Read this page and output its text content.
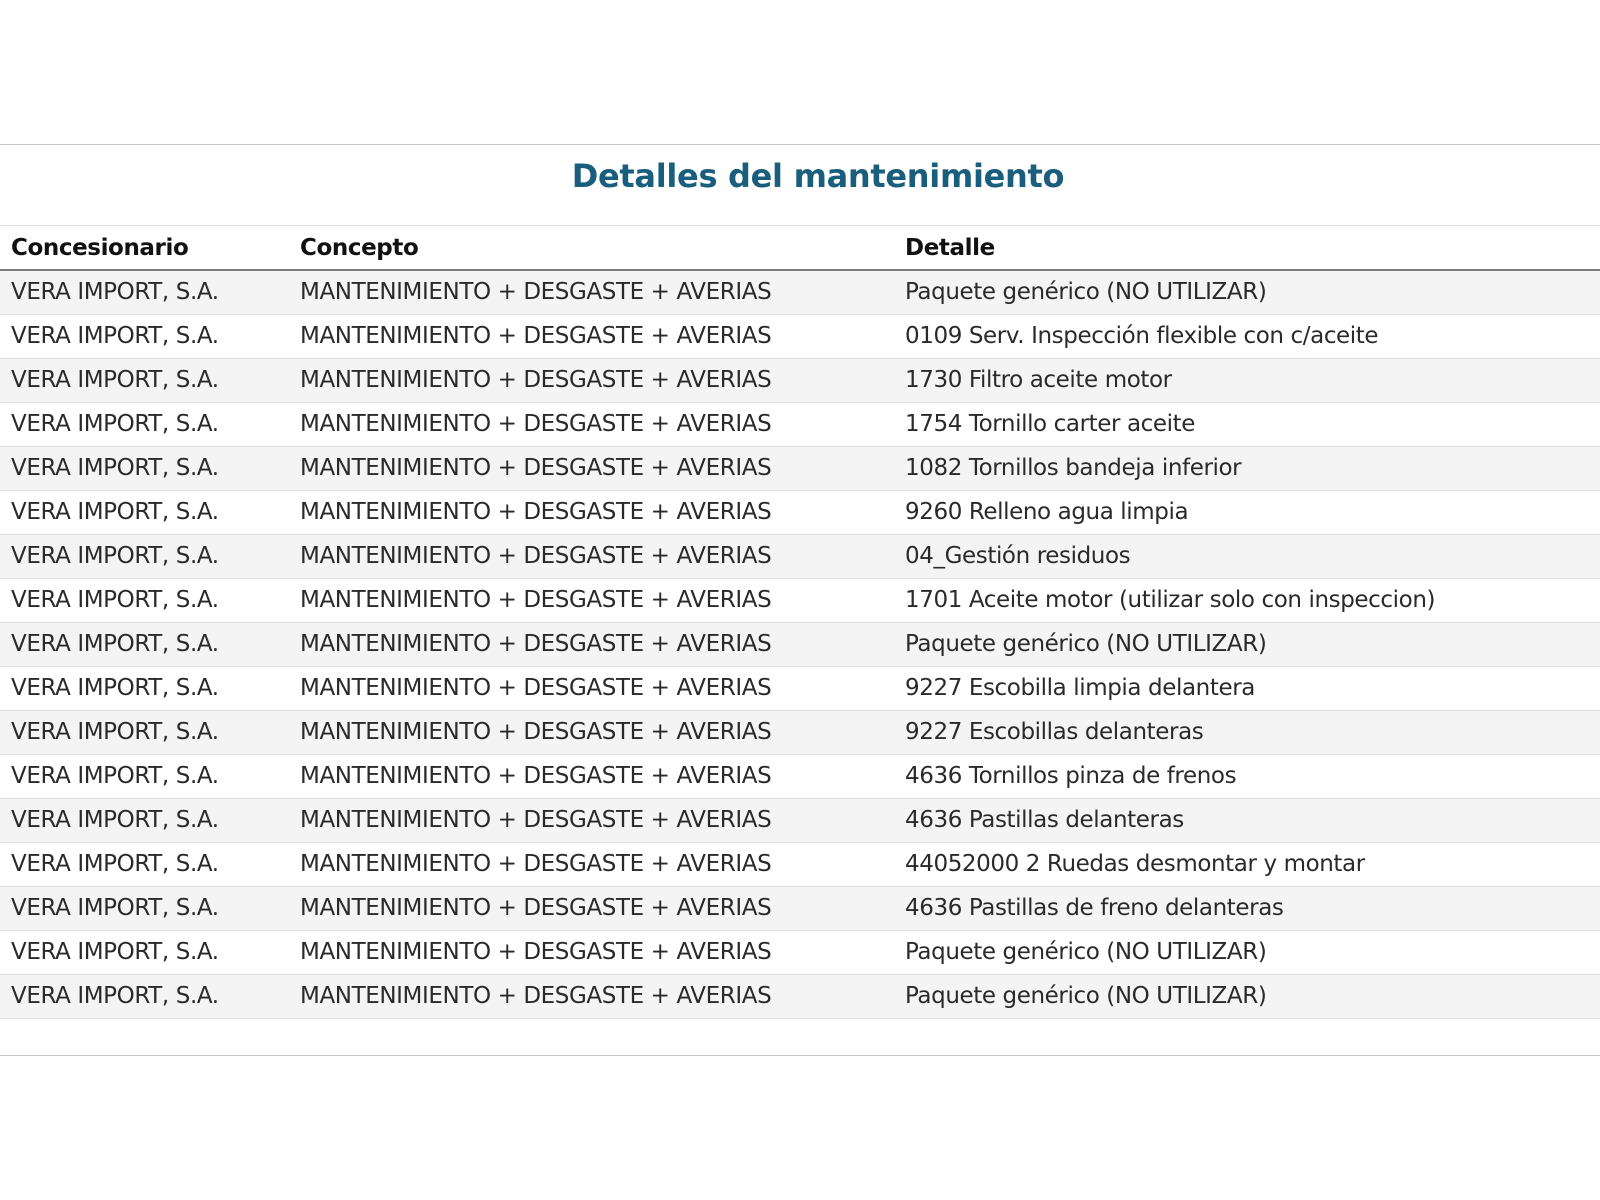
Detalles del mantenimiento
Concesionario	Concepto	Detalle
VERA IMPORT, S.A.	MANTENIMIENTO + DESGASTE + AVERIAS	Paquete genérico (NO UTILIZAR)
VERA IMPORT, S.A.	MANTENIMIENTO + DESGASTE + AVERIAS	0109 Serv. Inspección flexible con c/aceite
VERA IMPORT, S.A.	MANTENIMIENTO + DESGASTE + AVERIAS	1730 Filtro aceite motor
VERA IMPORT, S.A.	MANTENIMIENTO + DESGASTE + AVERIAS	1754 Tornillo carter aceite
VERA IMPORT, S.A.	MANTENIMIENTO + DESGASTE + AVERIAS	1082 Tornillos bandeja inferior
VERA IMPORT, S.A.	MANTENIMIENTO + DESGASTE + AVERIAS	9260 Relleno agua limpia
VERA IMPORT, S.A.	MANTENIMIENTO + DESGASTE + AVERIAS	04_Gestión residuos
VERA IMPORT, S.A.	MANTENIMIENTO + DESGASTE + AVERIAS	1701 Aceite motor (utilizar solo con inspeccion)
VERA IMPORT, S.A.	MANTENIMIENTO + DESGASTE + AVERIAS	Paquete genérico (NO UTILIZAR)
VERA IMPORT, S.A.	MANTENIMIENTO + DESGASTE + AVERIAS	9227 Escobilla limpia delantera
VERA IMPORT, S.A.	MANTENIMIENTO + DESGASTE + AVERIAS	9227 Escobillas delanteras
VERA IMPORT, S.A.	MANTENIMIENTO + DESGASTE + AVERIAS	4636 Tornillos pinza de frenos
VERA IMPORT, S.A.	MANTENIMIENTO + DESGASTE + AVERIAS	4636 Pastillas delanteras
VERA IMPORT, S.A.	MANTENIMIENTO + DESGASTE + AVERIAS	44052000 2 Ruedas desmontar y montar
VERA IMPORT, S.A.	MANTENIMIENTO + DESGASTE + AVERIAS	4636 Pastillas de freno delanteras
VERA IMPORT, S.A.	MANTENIMIENTO + DESGASTE + AVERIAS	Paquete genérico (NO UTILIZAR)
VERA IMPORT, S.A.	MANTENIMIENTO + DESGASTE + AVERIAS	Paquete genérico (NO UTILIZAR)
